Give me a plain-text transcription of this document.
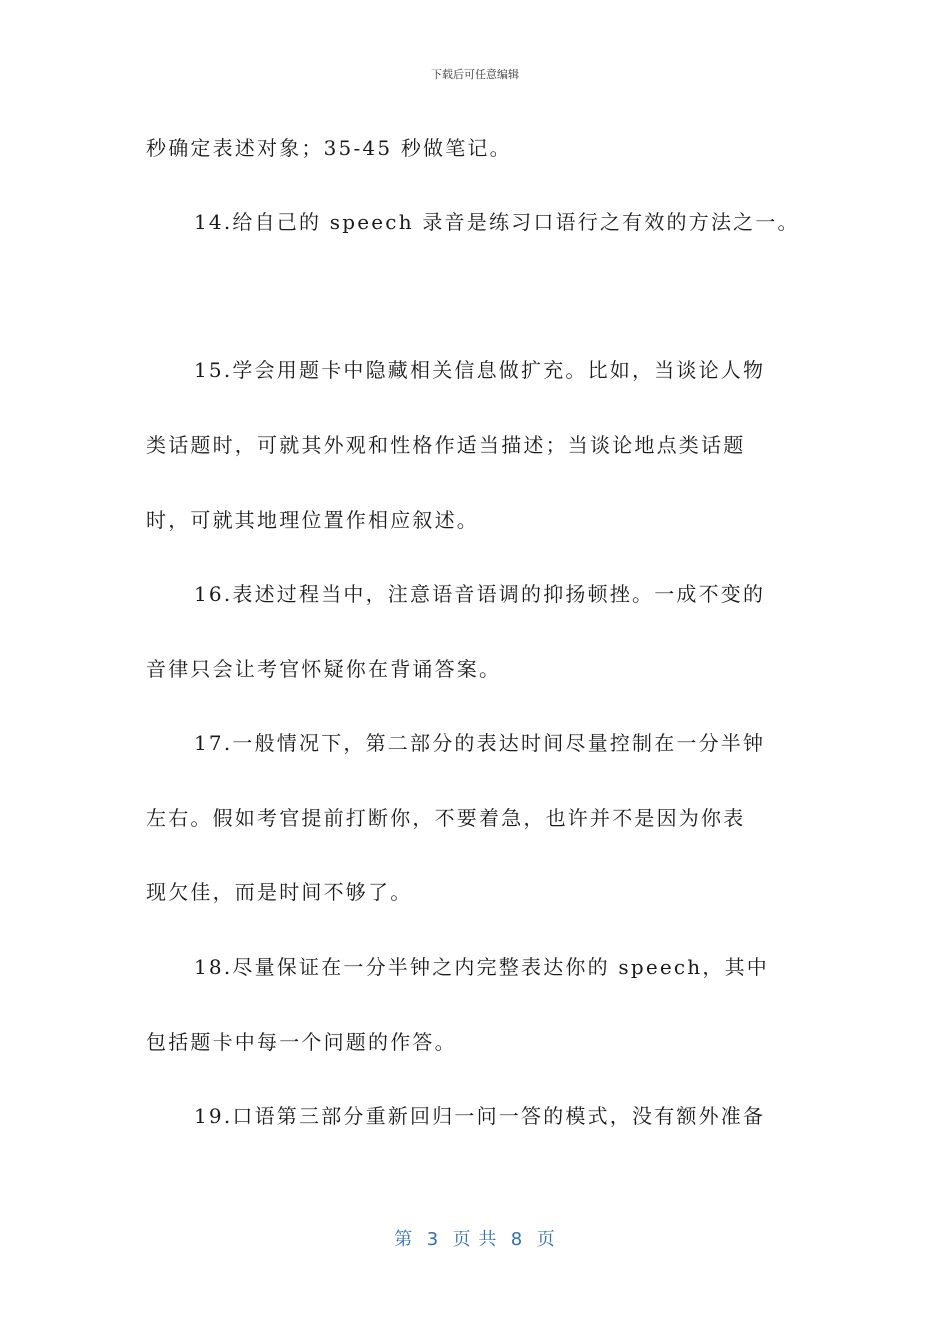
下载后可任意编辑
秒确定表述对象；35-45 秒做笔记。
14.给自己的 speech 录音是练习口语行之有效的方法之一。
15.学会用题卡中隐藏相关信息做扩充。比如，当谈论人物
类话题时，可就其外观和性格作适当描述；当谈论地点类话题
时，可就其地理位置作相应叙述。
16.表述过程当中，注意语音语调的抑扬顿挫。一成不变的
音律只会让考官怀疑你在背诵答案。
17.一般情况下，第二部分的表达时间尽量控制在一分半钟
左右。假如考官提前打断你，不要着急，也许并不是因为你表
现欠佳，而是时间不够了。
18.尽量保证在一分半钟之内完整表达你的 speech，其中
包括题卡中每一个问题的作答。
19.口语第三部分重新回归一问一答的模式，没有额外准备
第  3  页 共  8  页
